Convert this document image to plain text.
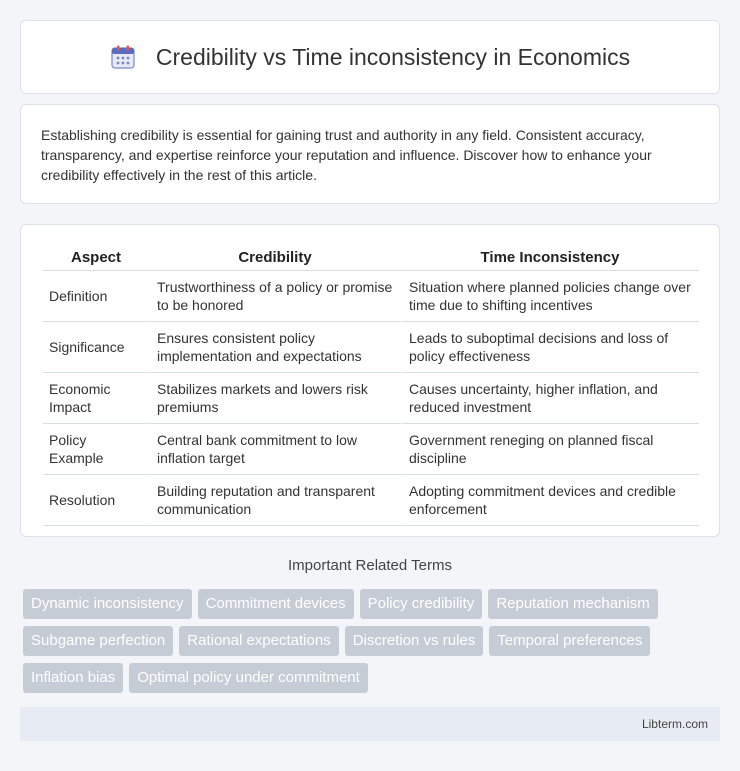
Credibility vs Time inconsistency in Economics

Establishing credibility is essential for gaining trust and authority in any field. Consistent accuracy, transparency, and expertise reinforce your reputation and influence. Discover how to enhance your credibility effectively in the rest of this article.

Aspect	Credibility	Time Inconsistency
Definition	Trustworthiness of a policy or promise to be honored	Situation where planned policies change over time due to shifting incentives
Significance	Ensures consistent policy implementation and expectations	Leads to suboptimal decisions and loss of policy effectiveness
Economic Impact	Stabilizes markets and lowers risk premiums	Causes uncertainty, higher inflation, and reduced investment
Policy Example	Central bank commitment to low inflation target	Government reneging on planned fiscal discipline
Resolution	Building reputation and transparent communication	Adopting commitment devices and credible enforcement
Important Related Terms
Dynamic inconsistency	Commitment devices	Policy credibility	Reputation mechanism
Subgame perfection	Rational expectations	Discretion vs rules	Temporal preferences
Inflation bias	Optimal policy under commitment
Libterm.com
